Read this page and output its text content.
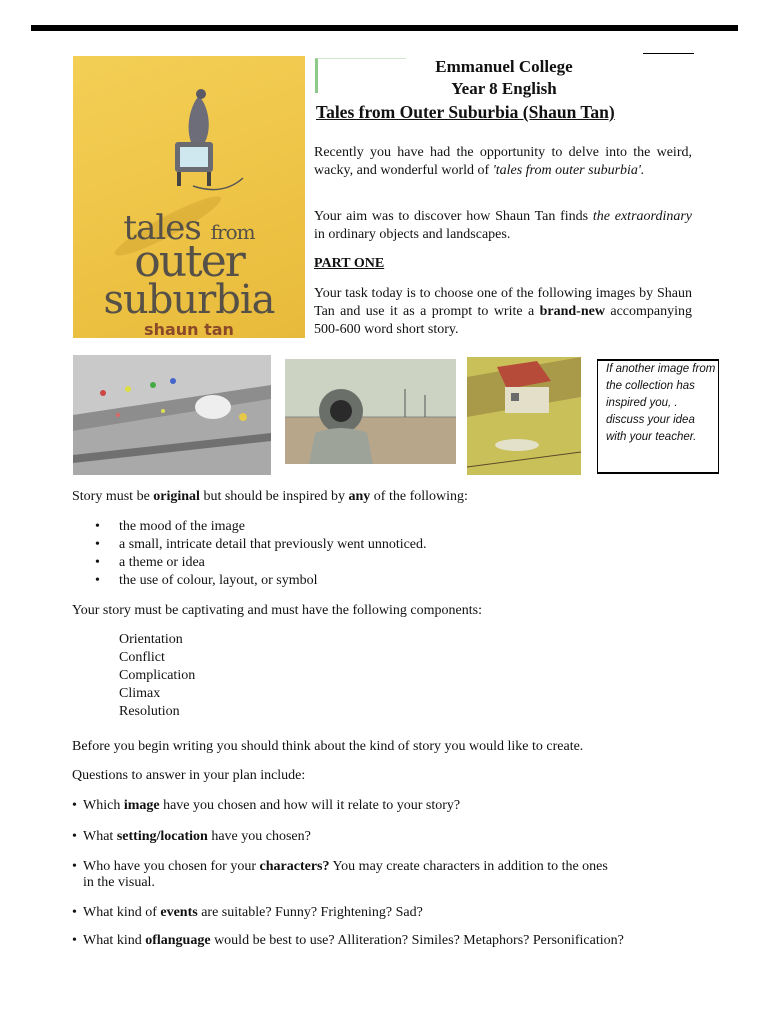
tales from
outer
suburbia
shaun tan
Emmanuel College
Year 8 English
Tales from Outer Suburbia (Shaun Tan)
Recently you have had the opportunity to delve into the weird, wacky, and wonderful world of 'tales from outer suburbia'.
Your aim was to discover how Shaun Tan finds the extraordinary in ordinary objects and landscapes.
PART ONE
Your task today is to choose one of the following images by Shaun Tan and use it as a prompt to write a brand-new accompanying 500-600 word short story.
If another image from the collection has inspired you, . discuss your idea with your teacher.
Story must be original but should be inspired by any of the following:
• the mood of the image
• a small, intricate detail that previously went unnoticed.
• a theme or idea
• the use of colour, layout, or symbol
Your story must be captivating and must have the following components:
Orientation
Conflict
Complication
Climax
Resolution
Before you begin writing you should think about the kind of story you would like to create.
Questions to answer in your plan include:
• Which image have you chosen and how will it relate to your story?
• What setting/location have you chosen?
• Who have you chosen for your characters? You may create characters in addition to the ones
in the visual.
• What kind of events are suitable? Funny? Frightening? Sad?
• What kind oflanguage would be best to use? Alliteration? Similes? Metaphors? Personification?
